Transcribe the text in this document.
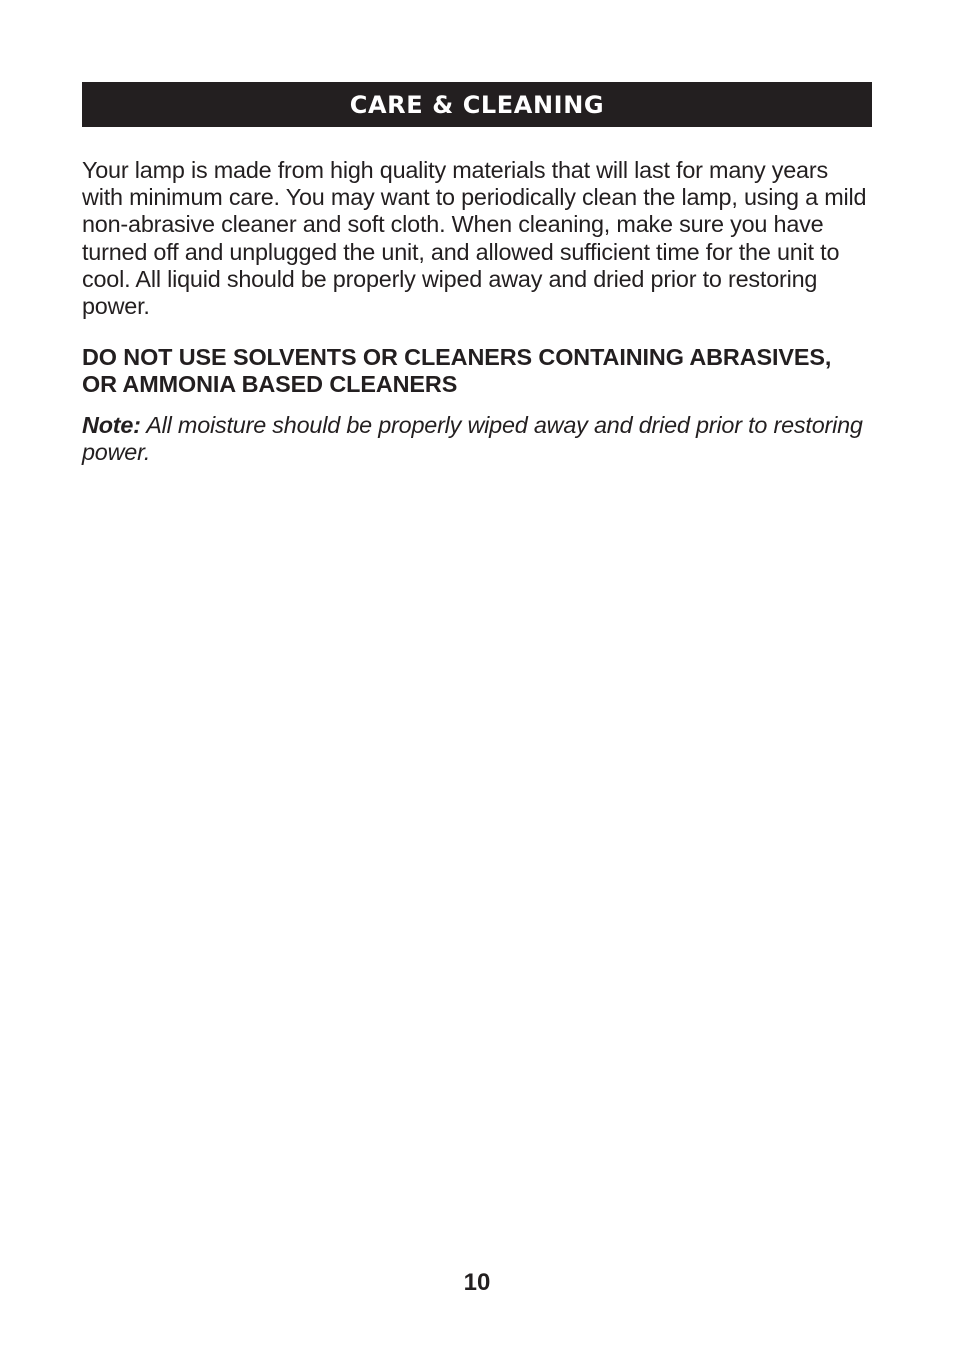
CARE & CLEANING

Your lamp is made from high quality materials that will last for many years with minimum care. You may want to periodically clean the lamp, using a mild non-abrasive cleaner and soft cloth. When cleaning, make sure you have turned off and unplugged the unit, and allowed sufficient time for the unit to cool. All liquid should be properly wiped away and dried prior to restoring power.

DO NOT USE SOLVENTS OR CLEANERS CONTAINING ABRASIVES, OR AMMONIA BASED CLEANERS

Note: All moisture should be properly wiped away and dried prior to restoring power.

10
